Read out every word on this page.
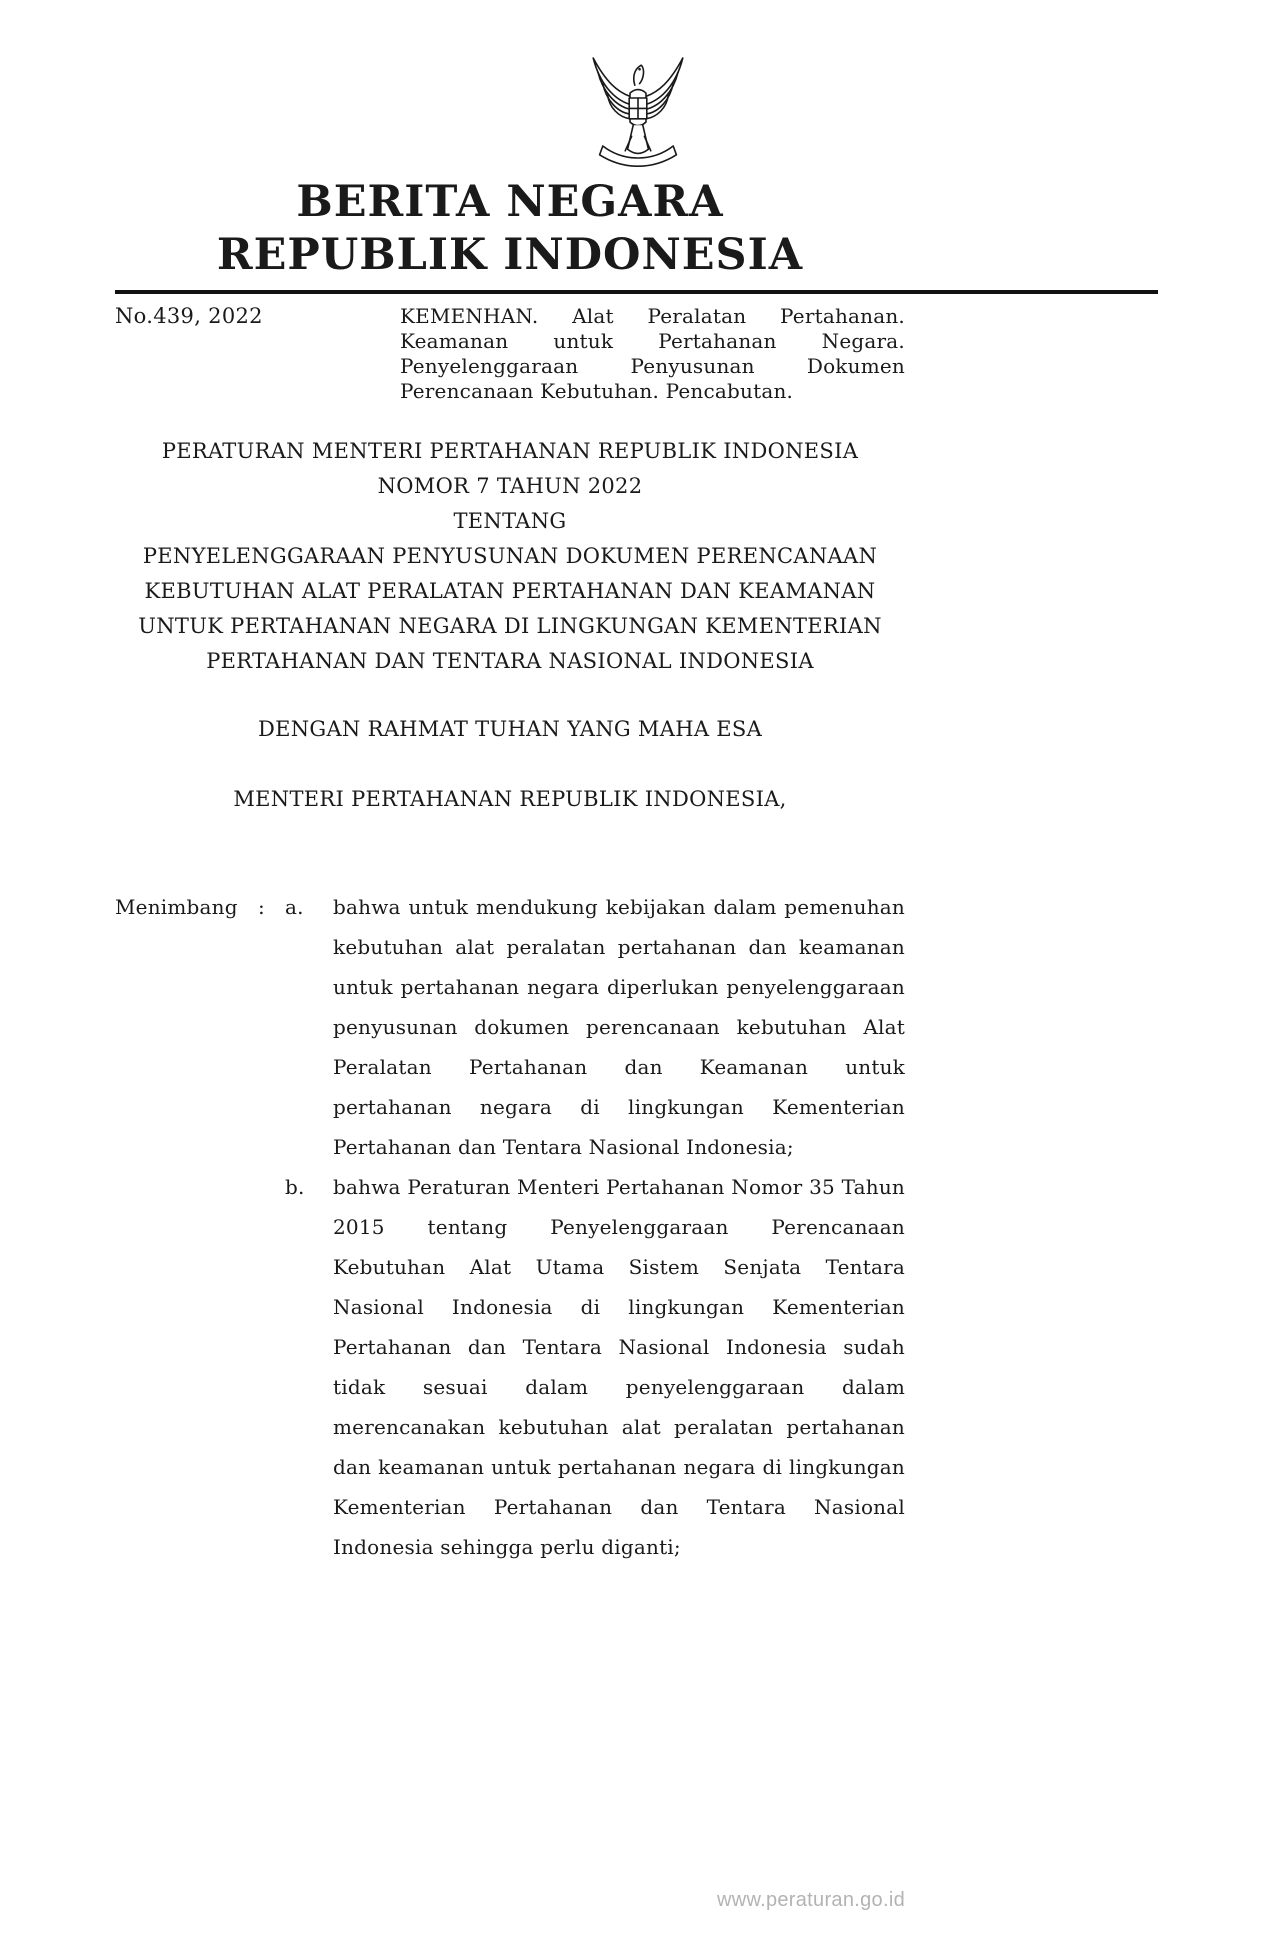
BERITA NEGARA
REPUBLIK INDONESIA
No.439, 2022	KEMENHAN. Alat Peralatan Pertahanan. Keamanan untuk Pertahanan Negara. Penyelenggaraan Penyusunan Dokumen Perencanaan Kebutuhan. Pencabutan.

PERATURAN MENTERI PERTAHANAN REPUBLIK INDONESIA

NOMOR 7 TAHUN 2022

TENTANG

PENYELENGGARAAN PENYUSUNAN DOKUMEN PERENCANAAN KEBUTUHAN ALAT PERALATAN PERTAHANAN DAN KEAMANAN UNTUK PERTAHANAN NEGARA DI LINGKUNGAN KEMENTERIAN PERTAHANAN DAN TENTARA NASIONAL INDONESIA

DENGAN RAHMAT TUHAN YANG MAHA ESA
MENTERI PERTAHANAN REPUBLIK INDONESIA,
Menimbang	:	a.	bahwa untuk mendukung kebijakan dalam pemenuhan kebutuhan alat peralatan pertahanan dan keamanan untuk pertahanan negara diperlukan penyelenggaraan penyusunan dokumen perencanaan kebutuhan Alat Peralatan Pertahanan dan Keamanan untuk pertahanan negara di lingkungan Kementerian Pertahanan dan Tentara Nasional Indonesia;
b.	bahwa Peraturan Menteri Pertahanan Nomor 35 Tahun 2015 tentang Penyelenggaraan Perencanaan Kebutuhan Alat Utama Sistem Senjata Tentara Nasional Indonesia di lingkungan Kementerian Pertahanan dan Tentara Nasional Indonesia sudah tidak sesuai dalam penyelenggaraan dalam merencanakan kebutuhan alat peralatan pertahanan dan keamanan untuk pertahanan negara di lingkungan Kementerian Pertahanan dan Tentara Nasional Indonesia sehingga perlu diganti;
www.peraturan.go.id
